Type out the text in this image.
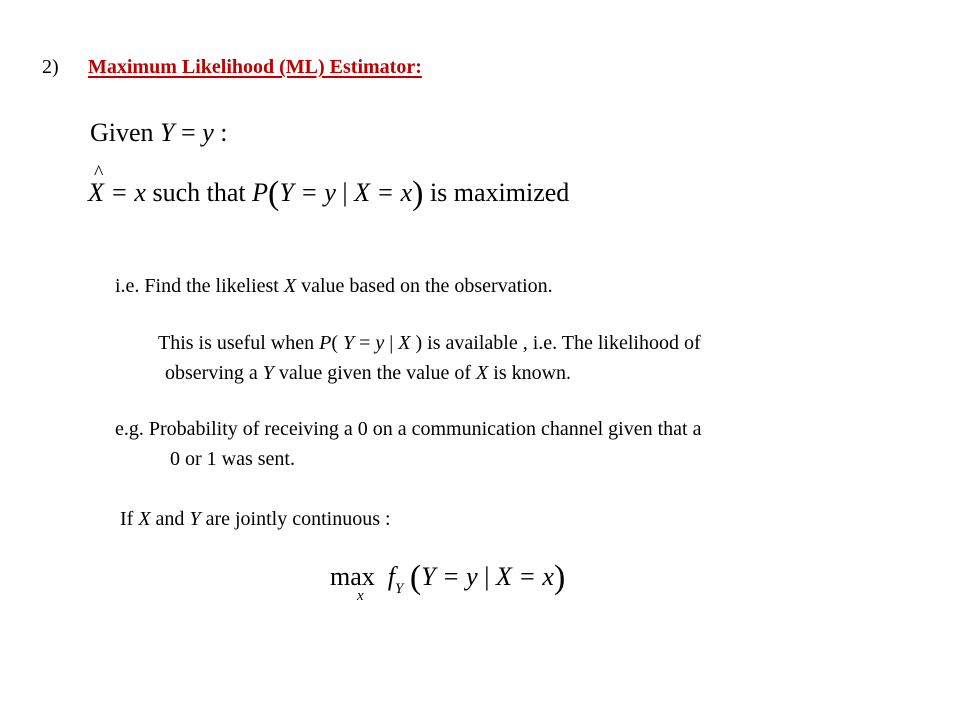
2) Maximum Likelihood (ML) Estimator:
Given Y = y :
^ X = x such that P(Y = y | X = x) is maximized
i.e. Find the likeliest X value based on the observation.
This is useful when P( Y = y | X ) is available , i.e. The likelihood of
observing a Y value given the value of X is known.
e.g. Probability of receiving a 0 on a communication channel given that a
0 or 1 was sent.
If X and Y are jointly continuous :
max
x
$f_Y$ (Y = y | X = x)
